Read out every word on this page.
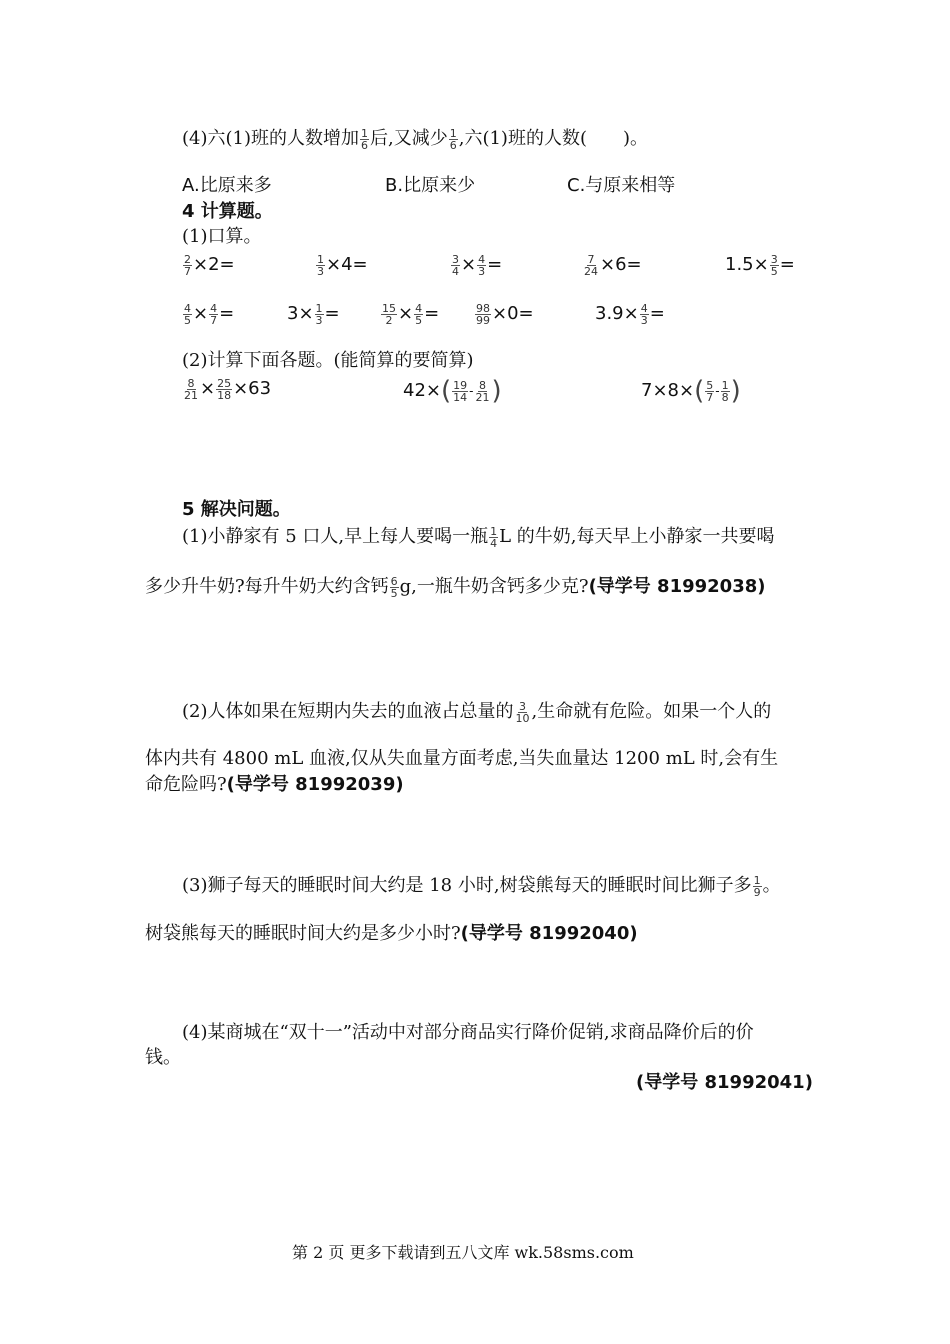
(4)六(1)班的人数增加 $\frac{1}{6}$ 后,又减少 $\frac{1}{6}$ ,六(1)班的人数(　　)。
A.比原来多	B.比原来少	C.与原来相等
4 计算题。
(1)口算。
$\frac{2}{7} \times 2=$	$\frac{1}{3} \times 4=$	$\frac{3}{4} \times \frac{4}{3}$ =	$\frac{7}{24} \times 6=$	$1.5\times \frac{3}{5}$ =
$\frac{4}{5} \times \frac{4}{7}$ =	$3\times \frac{1}{3}$ =	$\frac{15}{2} \times \frac{4}{5}$ =	$\frac{98}{99} \times 0=$	$3.9\times \frac{4}{3}$ =
(2)计算下面各题。(能简算的要简算)
$\frac{8}{21} \times \frac{25}{18} \times 63$	42× ( $\frac{19}{14} - \frac{8}{21}$ )	7×8× ( $\frac{5}{7} - \frac{1}{8}$ )
5 解决问题。
(1)小静家有 5 口人,早上每人要喝一瓶 $\frac{1}{4}$ L 的牛奶,每天早上小静家一共要喝
多少升牛奶?每升牛奶大约含钙 $\frac{6}{5} g$,一瓶牛奶含钙多少克?(导学号 81992038)
(2)人体如果在短期内失去的血液占总量的 $\frac{3}{10}$ ,生命就有危险。如果一个人的
体内共有 4800 mL 血液,仅从失血量方面考虑,当失血量达 1200 mL 时,会有生
命危险吗?(导学号 81992039)
(3)狮子每天的睡眠时间大约是 18 小时,树袋熊每天的睡眠时间比狮子多 $\frac{1}{9}$ 。
树袋熊每天的睡眠时间大约是多少小时?(导学号 81992040)
(4)某商城在“双十一”活动中对部分商品实行降价促销,求商品降价后的价
钱。
(导学号 81992041)
第 2 页 更多下载请到五八文库 wk.58sms.com
